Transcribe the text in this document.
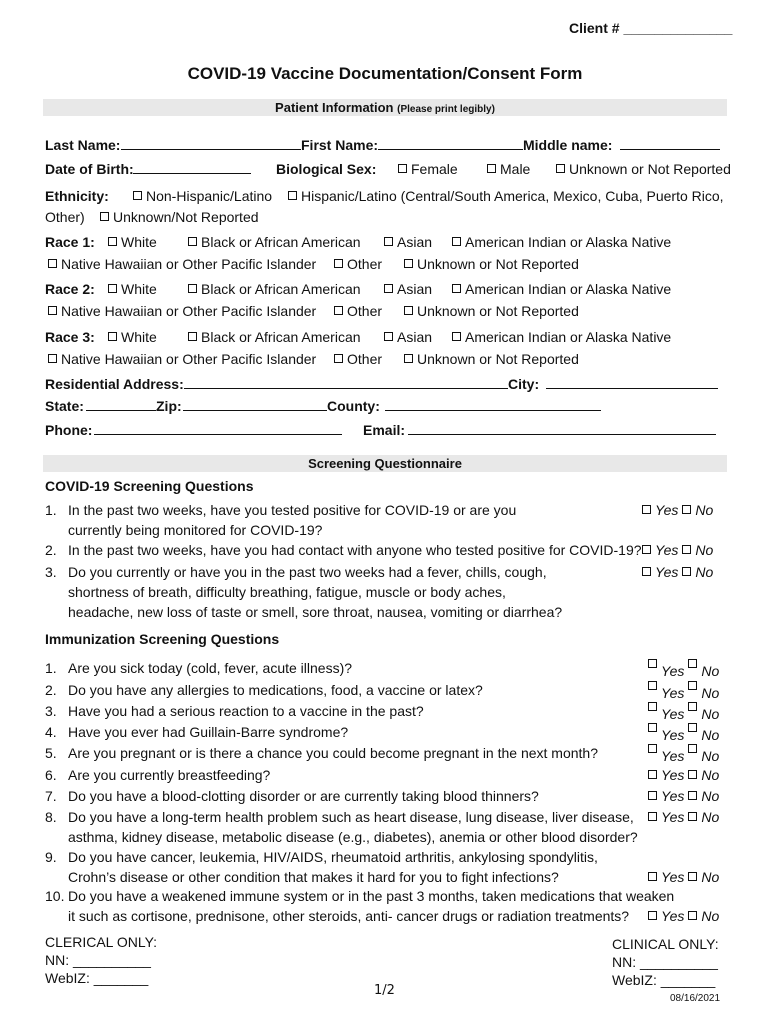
Client # ______________
COVID-19 Vaccine Documentation/Consent Form
Patient Information (Please print legibly)
Last Name:	First Name:	Middle name:
Date of Birth:	Biological Sex:	Female	Male	Unknown or Not Reported
Ethnicity:	Non-Hispanic/Latino	Hispanic/Latino (Central/South America, Mexico, Cuba, Puerto Rico,
Other)	Unknown/Not Reported
Race 1:	White	Black or African American	Asian	American Indian or Alaska Native
Native Hawaiian or Other Pacific Islander	Other	Unknown or Not Reported
Race 2:	White	Black or African American	Asian	American Indian or Alaska Native
Native Hawaiian or Other Pacific Islander	Other	Unknown or Not Reported
Race 3:	White	Black or African American	Asian	American Indian or Alaska Native
Native Hawaiian or Other Pacific Islander	Other	Unknown or Not Reported
Residential Address:	City:
State:	Zip:	County:
Phone:	Email:
Screening Questionnaire
COVID-19 Screening Questions
1. In the past two weeks, have you tested positive for COVID-19 or are you
currently being monitored for COVID-19?
Yes No
2. In the past two weeks, have you had contact with anyone who tested positive for COVID-19? Yes No
3. Do you currently or have you in the past two weeks had a fever, chills, cough,
shortness of breath, difficulty breathing, fatigue, muscle or body aches,
headache, new loss of taste or smell, sore throat, nausea, vomiting or diarrhea?
Yes No
Immunization Screening Questions
1. Are you sick today (cold, fever, acute illness)?	Yes No
2. Do you have any allergies to medications, food, a vaccine or latex?	Yes No
3. Have you had a serious reaction to a vaccine in the past?	Yes No
4. Have you ever had Guillain-Barre syndrome?	Yes No
5. Are you pregnant or is there a chance you could become pregnant in the next month?	Yes No
6. Are you currently breastfeeding?	Yes No
7. Do you have a blood-clotting disorder or are currently taking blood thinners?	Yes No
8. Do you have a long-term health problem such as heart disease, lung disease, liver disease,
asthma, kidney disease, metabolic disease (e.g., diabetes), anemia or other blood disorder?
Yes No
9. Do you have cancer, leukemia, HIV/AIDS, rheumatoid arthritis, ankylosing spondylitis,
Crohn’s disease or other condition that makes it hard for you to fight infections?	Yes No
10. Do you have a weakened immune system or in the past 3 months, taken medications that weaken
it such as cortisone, prednisone, other steroids, anti- cancer drugs or radiation treatments?	Yes No
CLERICAL ONLY:
NN: __________
WebIZ: _______
CLINICAL ONLY:
NN: __________
WebIZ: _______
1/2
08/16/2021
